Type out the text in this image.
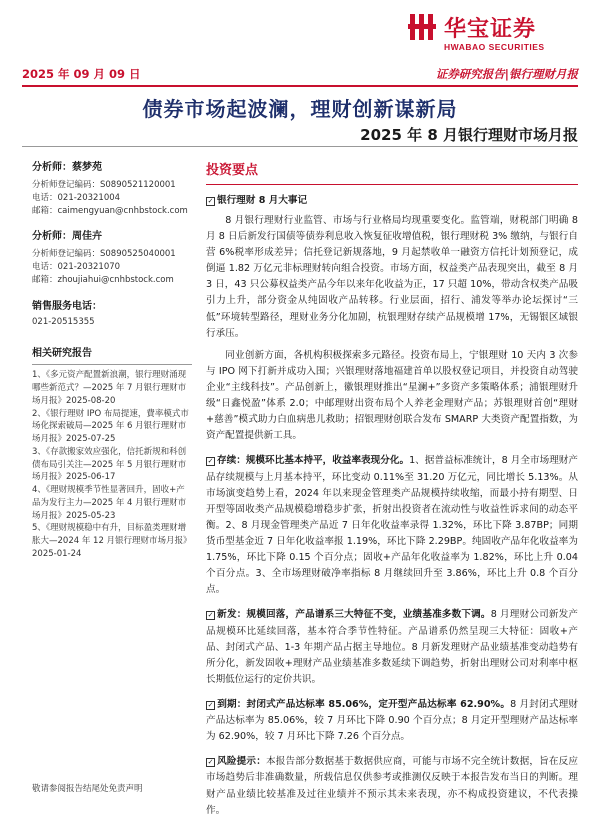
华宝证券
HWABAO SECURITIES
2025 年 09 月 09 日	证券研究报告|银行理财月报
债券市场起波澜，理财创新谋新局
2025 年 8 月银行理财市场月报
分析师：蔡梦苑
分析师登记编码：S0890521120001
电话：021-20321004
邮箱：caimengyuan@cnhbstock.com
分析师：周佳卉
分析师登记编码：S0890525040001
电话：021-20321070
邮箱：zhoujiahui@cnhbstock.com
销售服务电话：
021-20515355
相关研究报告
1、《多元资产配置新浪潮，银行理财涌现哪些新范式？—2025 年 7 月银行理财市场月报》2025-08-20
2、《银行理财 IPO 布局提速，費率模式市场化探索破局—2025 年 6 月银行理财市场月报》2025-07-25
3、《存款搬家效应强化，信托新规和科创债布局引关注—2025 年 5 月银行理财市场月报》2025-06-17
4、《理财规模季节性显著回升，固收+产品为发行主力—2025 年 4 月银行理财市场月报》2025-05-23
5、《理财规模稳中有升，目标盈类理财增胀大—2024 年 12 月银行理财市场月报》2025-01-24
投资要点
✓ 银行理财 8 月大事记
8 月银行理财行业监管、市场与行业格局均现重要变化。监管端，财税部门明确 8 月 8 日后新发行国债等债券利息收入恢复征收增值税，银行理财税 3% 缴纳，与银行自营 6%税率形成差异；信托登记新规落地，9 月起禁收单一融资方信托计划预登记，成倒逼 1.82 万亿元非标理财转向组合投资。市场方面，权益类产品表现突出，截至 8 月 3 日，43 只公募权益类产品今年以来年化收益为正，17 只超 10%，带动含权类产品吸引力上升，部分资金从纯固收产品转移。行业层面，招行、浦发等举办论坛探讨“三低”环境转型路径，理财业务分化加剧，杭银理财存续产品规模增 17%，无锡银区域银行承压。
同业创新方面，各机构积极探索多元路径。投资布局上，宁银理财 10 天内 3 次参与 IPO 网下打新并成功入围；兴银理财落地福建首单以股权登记项目，并投资自动驾驶企业“主线科技”。产品创新上，徽银理财推出“星澜+”多资产多策略体系；浦银理财升级“日鑫悦盈”体系 2.0；中邮理财出资布局个人养老金理财产品；苏银理财首创“理财+慈善”模式助力白血病患儿救助；招银理财创联合发布 SMARP 大类资产配置指数，为资产配置提供新工具。
✓ 存续：规模环比基本持平，收益率表现分化。1、据普益标准统计，8 月全市场理财产品存续规模与上月基本持平，环比变动 0.11%至 31.20 万亿元，同比增长 5.13%。从市场演变趋势上看，2024 年以来现金管理类产品规模持续收缩，而最小持有期型、日开型等固收类产品规模稳增稳步扩张，折射出投资者在流动性与收益性诉求间的动态平衡。2、8 月现金管理类产品近 7 日年化收益率录得 1.32%，环比下降 3.87BP；同期货币型基金近 7 日年化收益率报 1.19%，环比下降 2.29BP。纯固收产品年化收益率为 1.75%，环比下降 0.15 个百分点；固收+产品年化收益率为 1.82%，环比上升 0.04 个百分点。3、全市场理财破净率指标 8 月继续回升至 3.86%，环比上升 0.8 个百分点。
✓ 新发：规模回落，产品谱系三大特征不变，业绩基准多数下调。8 月理财公司新发产品规模环比延续回落，基本符合季节性特征。产品谱系仍然呈现三大特征：固收+产品、封闭式产品、1-3 年期产品占据主导地位。8 月新发理财产品业绩基准变动趋势有所分化，新发固收+理财产品业绩基准多数延续下调趋势，折射出理财公司对利率中枢长期低位运行的定价共识。
✓ 到期：封闭式产品达标率 85.06%，定开型产品达标率 62.90%。8 月封闭式理财产品达标率为 85.06%，较 7 月环比下降 0.90 个百分点；8 月定开型理财产品达标率为 62.90%，较 7 月环比下降 7.26 个百分点。
✓ 风险提示：本报告部分数据基于数据供应商，可能与市场不完全统计数据，旨在反应市场趋势后非准确数量，所载信息仅供参考或推测仅反映于本报告发布当日的判断。理财产品业绩比较基准及过往业绩并不预示其未来表现，亦不构成投资建议，不代表操作。
敬请参阅报告结尾处免责声明
